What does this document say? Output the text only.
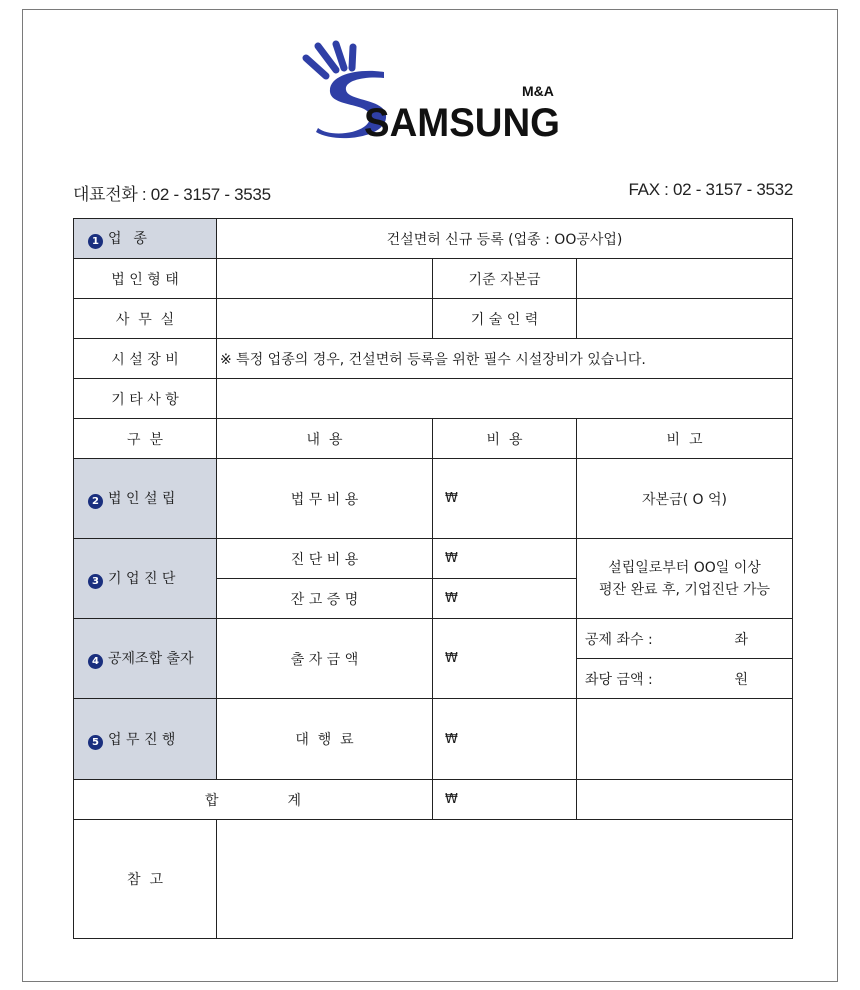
SAMSUNG
M&A
대표전화 : 02 - 3157 - 3535	FAX : 02 - 3157 - 3532
1 업  종	건설면허 신규 등록 (업종 : OO공사업)		
법 인 형 태		기준 자본금	
사  무  실		기 술 인 력	
시 설 장 비	※ 특정 업종의 경우, 건설면허 등록을 위한 필수 시설장비가 있습니다.		
기 타 사 항			
구  분	내  용	비  용	비  고
2 법 인 설 립	법 무 비 용	₩	자본금( O 억)
3 기 업 진 단	진 단 비 용	₩	설립일로부터 OO일 이상
평잔 완료 후, 기업진단 가능

	잔 고 증 명	₩	
4 공제조합 출자	출 자 금 액	₩	공제 좌수 : 좌

			좌당 금액 : 원

5 업 무 진 행	대  행  료	₩	
합  계		₩	
참  고			
